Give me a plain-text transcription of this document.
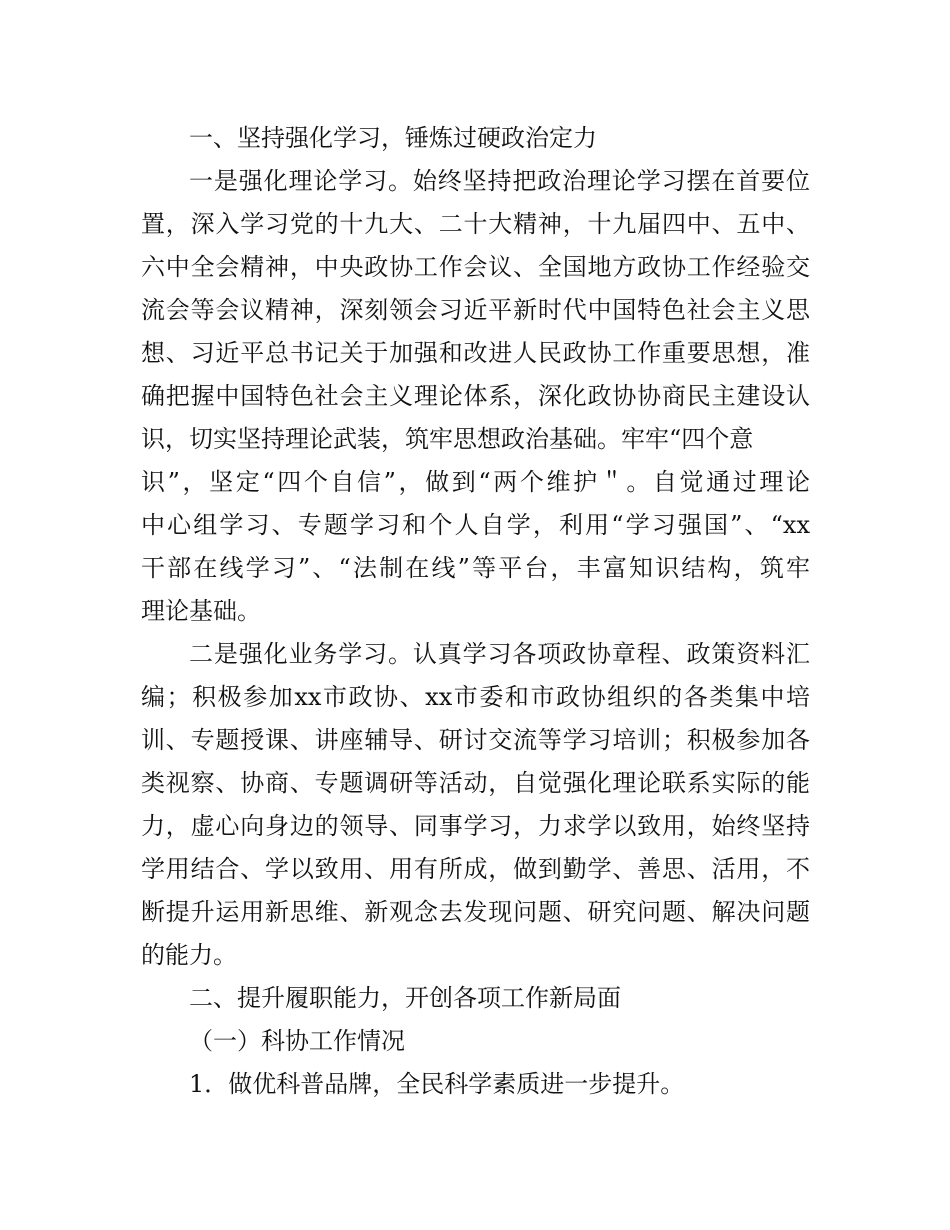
一、坚持强化学习，锤炼过硬政治定力
一是强化理论学习。始终坚持把政治理论学习摆在首要位
置，深入学习党的十九大、二十大精神，十九届四中、五中、
六中全会精神，中央政协工作会议、全国地方政协工作经验交
流会等会议精神，深刻领会习近平新时代中国特色社会主义思
想、习近平总书记关于加强和改进人民政协工作重要思想，准
确把握中国特色社会主义理论体系，深化政协协商民主建设认
识，切实坚持理论武装，筑牢思想政治基础。牢牢“四个意
识”，坚定“四个自信”，做到“两个维护＂。自觉通过理论
中心组学习、专题学习和个人自学，利用“学习强国”、“xx
干部在线学习”、“法制在线”等平台，丰富知识结构，筑牢
理论基础。
二是强化业务学习。认真学习各项政协章程、政策资料汇
编；积极参加xx市政协、xx市委和市政协组织的各类集中培
训、专题授课、讲座辅导、研讨交流等学习培训；积极参加各
类视察、协商、专题调研等活动，自觉强化理论联系实际的能
力，虚心向身边的领导、同事学习，力求学以致用，始终坚持
学用结合、学以致用、用有所成，做到勤学、善思、活用，不
断提升运用新思维、新观念去发现问题、研究问题、解决问题
的能力。
二、提升履职能力，开创各项工作新局面
（一）科协工作情况
1．做优科普品牌，全民科学素质进一步提升。
